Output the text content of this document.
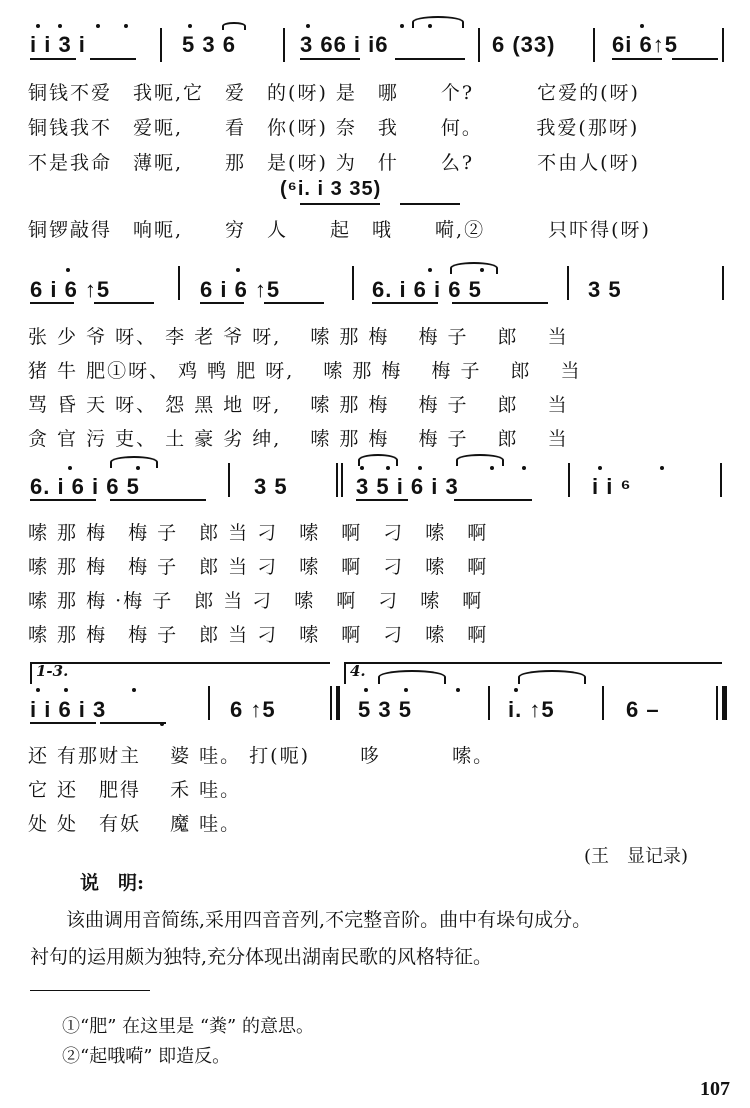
i i 3 i	5 3 6	3 66 i i6	6 (33)	6i 6↑5
铜钱不爱　我呃,它　爱　的(呀) 是　哪　　个?　　　它爱的(呀)
铜钱我不　爱呃,　　看　你(呀) 奈　我　　何。　　　我爱(那呀)
不是我命　薄呃,　　那　是(呀) 为　什　　么?　　　不由人(呀)
(⁶i. i 3 35)
铜锣敲得　响呃,　　穷　人　　起　哦　　嗬,②　　　只吓得(呀)
6 i 6 ↑5	6 i 6 ↑5	6. i 6 i 6 5	3 5
张 少 爷 呀、 李 老 爷 呀,　 嗦 那 梅　 梅 子　 郎　 当
猪 牛 肥①呀、 鸡 鸭 肥 呀,　 嗦 那 梅　 梅 子　 郎　 当
骂 昏 天 呀、 怨 黑 地 呀,　 嗦 那 梅　 梅 子　 郎　 当
贪 官 污 吏、 土 豪 劣 绅,　 嗦 那 梅　 梅 子　 郎　 当
6. i 6 i 6 5	3 5	3 5 i 6 i 3	i i ⁶
嗦 那 梅　梅 子　郎 当 刁　嗦　啊　刁　嗦　啊
嗦 那 梅　梅 子　郎 当 刁　嗦　啊　刁　嗦　啊
嗦 那 梅 ·梅 子　郎 当 刁　嗦　啊　刁　嗦　啊
嗦 那 梅　梅 子　郎 当 刁　嗦　啊　刁　嗦　啊
1-3.	4.
i i 6 i 3	6 ↑5	5 3 5	i. ↑5	6 –
还 有那财主　 婆 哇。 打(呃)　　 哆　　　 嗦。
它 还　肥得　 禾 哇。
处 处　有妖　 魔 哇。
(王　显记录)
说　明:
该曲调用音简练,采用四音音列,不完整音阶。曲中有垛句成分。
衬句的运用颇为独特,充分体现出湖南民歌的风格特征。
①“肥” 在这里是 “粪” 的意思。
②“起哦嗬” 即造反。
107
